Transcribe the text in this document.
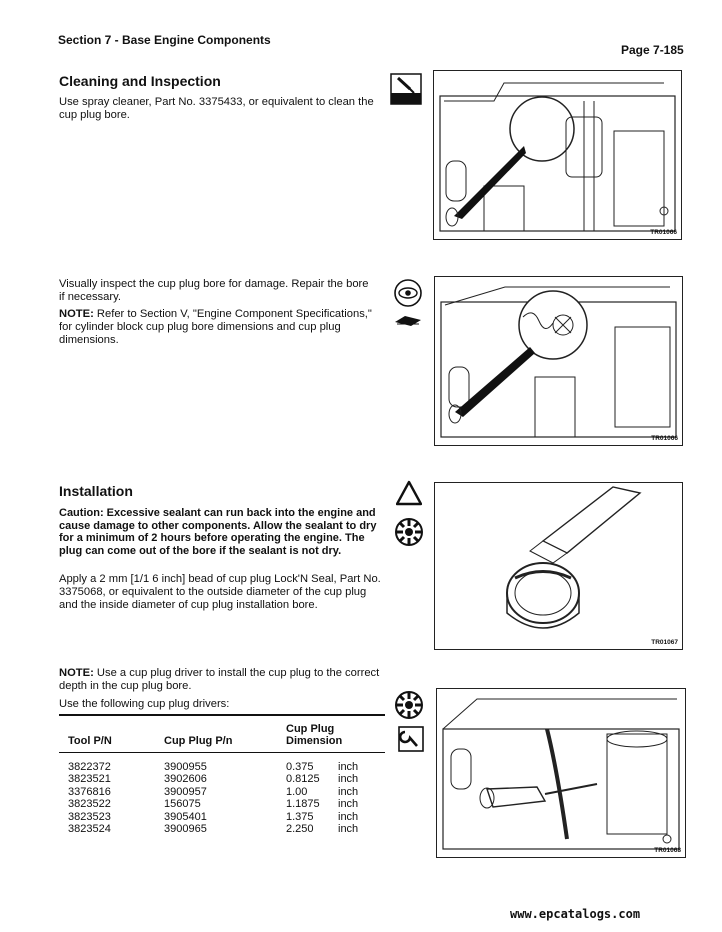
Section 7 - Base Engine Components
Page 7-185
Cleaning and Inspection
Use spray cleaner, Part No. 3375433, or equivalent to clean the cup plug bore.
TR01066
Visually inspect the cup plug bore for damage. Repair the bore if necessary.
NOTE: Refer to Section V, "Engine Component Specifications," for cylinder block cup plug bore dimensions and cup plug dimensions.
TR01066
Installation
Caution: Excessive sealant can run back into the engine and cause damage to other components. Allow the sealant to dry for a minimum of 2 hours before operating the engine. The plug can come out of the bore if the sealant is not dry.
Apply a 2 mm [1/1 6 inch] bead of cup plug Lock'N Seal, Part No. 3375068, or equivalent to the outside diameter of the cup plug and the inside diameter of cup plug installation bore.
TR01067
NOTE: Use a cup plug driver to install the cup plug to the correct depth in the cup plug bore.
Use the following cup plug drivers:
Tool P/N	Cup Plug P/n	Cup Plug Dimension

3822372	3900955	0.375 inch
3823521	3902606	0.8125 inch
3376816	3900957	1.00 inch
3823522	156075	1.1875 inch
3823523	3905401	1.375 inch
3823524	3900965	2.250 inch
TR01068
www.epcatalogs.com
